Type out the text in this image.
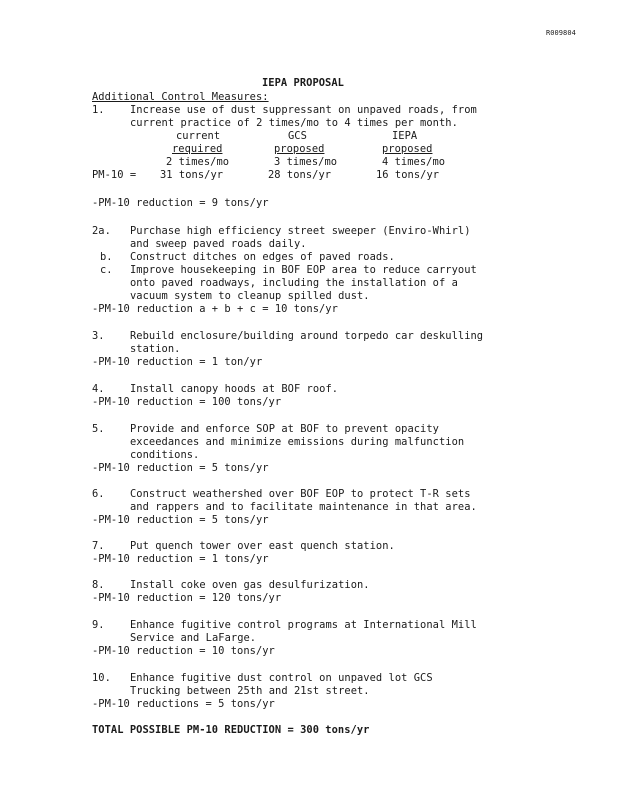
R009804
IEPA PROPOSAL
Additional Control Measures:
1. Increase use of dust suppressant on unpaved roads, from
current practice of 2 times/mo to 4 times per month.
current	GCS	IEPA
required	proposed	proposed
2 times/mo	3 times/mo	4 times/mo
PM-10 = 31 tons/yr	28 tons/yr	16 tons/yr
-PM-10 reduction = 9 tons/yr
2a. Purchase high efficiency street sweeper (Enviro-Whirl)
and sweep paved roads daily.
b. Construct ditches on edges of paved roads.
c. Improve housekeeping in BOF EOP area to reduce carryout
onto paved roadways, including the installation of a
vacuum system to cleanup spilled dust.
-PM-10 reduction a + b + c = 10 tons/yr
3. Rebuild enclosure/building around torpedo car deskulling
station.
-PM-10 reduction = 1 ton/yr
4. Install canopy hoods at BOF roof.
-PM-10 reduction = 100 tons/yr
5. Provide and enforce SOP at BOF to prevent opacity
exceedances and minimize emissions during malfunction
conditions.
-PM-10 reduction = 5 tons/yr
6. Construct weathershed over BOF EOP to protect T-R sets
and rappers and to facilitate maintenance in that area.
-PM-10 reduction = 5 tons/yr
7. Put quench tower over east quench station.
-PM-10 reduction = 1 tons/yr
8. Install coke oven gas desulfurization.
-PM-10 reduction = 120 tons/yr
9. Enhance fugitive control programs at International Mill
Service and LaFarge.
-PM-10 reduction = 10 tons/yr
10. Enhance fugitive dust control on unpaved lot GCS
Trucking between 25th and 21st street.
-PM-10 reductions = 5 tons/yr
TOTAL POSSIBLE PM-10 REDUCTION = 300 tons/yr
